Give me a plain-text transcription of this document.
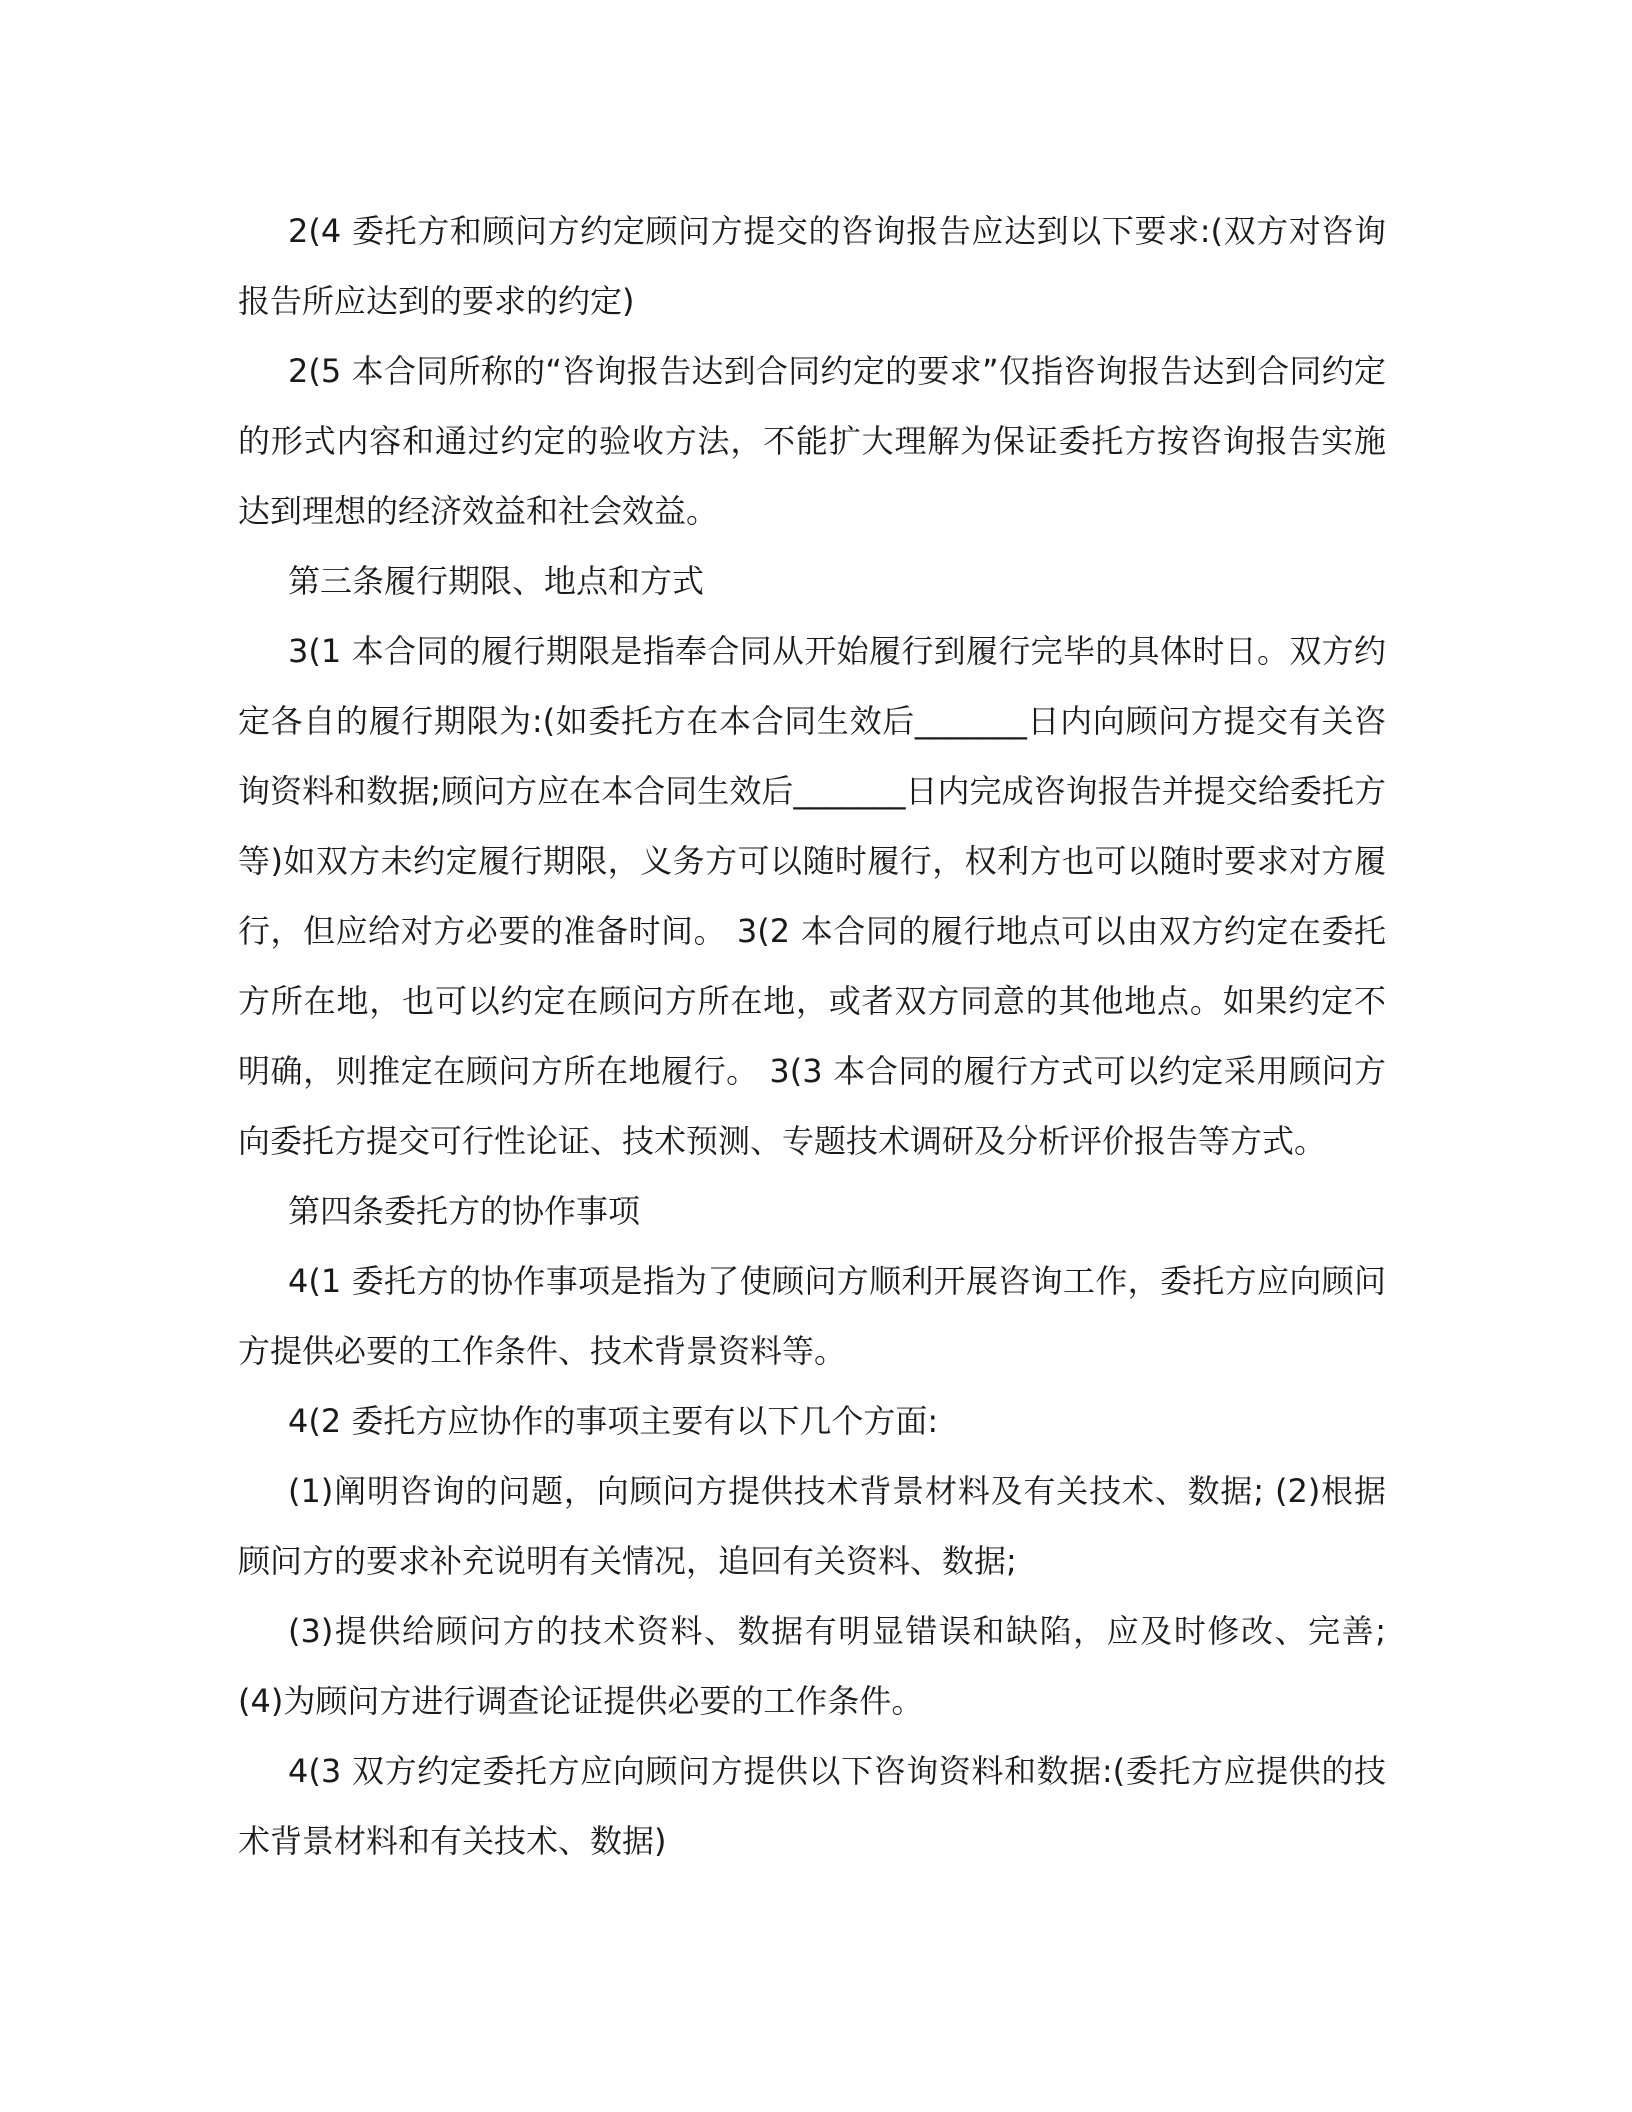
2(4 委托方和顾问方约定顾问方提交的咨询报告应达到以下要求:(双方对咨询报告所应达到的要求的约定)

2(5 本合同所称的“咨询报告达到合同约定的要求”仅指咨询报告达到合同约定的形式内容和通过约定的验收方法，不能扩大理解为保证委托方按咨询报告实施达到理想的经济效益和社会效益。

第三条履行期限、地点和方式

3(1 本合同的履行期限是指奉合同从开始履行到履行完毕的具体时日。双方约定各自的履行期限为:(如委托方在本合同生效后_______日内向顾问方提交有关咨询资料和数据;顾问方应在本合同生效后_______日内完成咨询报告并提交给委托方等)如双方未约定履行期限，义务方可以随时履行，权利方也可以随时要求对方履行，但应给对方必要的准备时间。 3(2 本合同的履行地点可以由双方约定在委托方所在地，也可以约定在顾问方所在地，或者双方同意的其他地点。如果约定不明确，则推定在顾问方所在地履行。 3(3 本合同的履行方式可以约定采用顾问方向委托方提交可行性论证、技术预测、专题技术调研及分析评价报告等方式。

第四条委托方的协作事项

4(1 委托方的协作事项是指为了使顾问方顺利开展咨询工作，委托方应向顾问方提供必要的工作条件、技术背景资料等。

4(2 委托方应协作的事项主要有以下几个方面:

(1)阐明咨询的问题，向顾问方提供技术背景材料及有关技术、数据; (2)根据顾问方的要求补充说明有关情况，追回有关资料、数据;

(3)提供给顾问方的技术资料、数据有明显错误和缺陷，应及时修改、完善; (4)为顾问方进行调查论证提供必要的工作条件。

4(3 双方约定委托方应向顾问方提供以下咨询资料和数据:(委托方应提供的技术背景材料和有关技术、数据)
